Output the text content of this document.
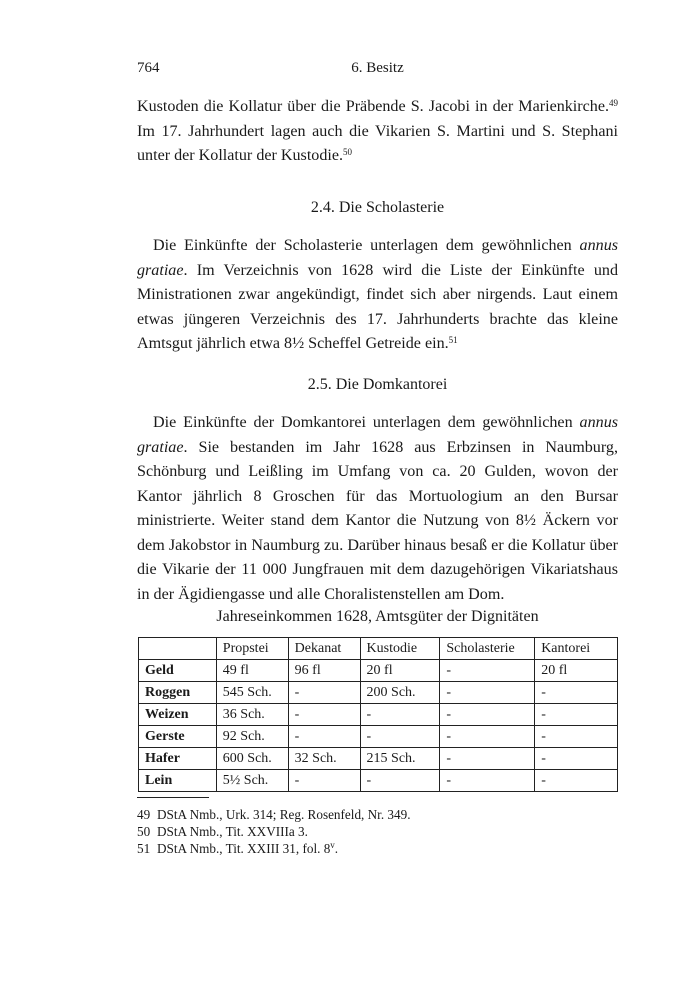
764	6. Besitz

Kustoden die Kollatur über die Präbende S. Jacobi in der Marienkirche.$^{49}$ Im 17. Jahrhundert lagen auch die Vikarien S. Martini und S. Stephani unter der Kollatur der Kustodie.$^{50}$

2.4. Die Scholasterie

Die Einkünfte der Scholasterie unterlagen dem gewöhnlichen annus gratiae. Im Verzeichnis von 1628 wird die Liste der Einkünfte und Ministrationen zwar angekündigt, findet sich aber nirgends. Laut einem etwas jüngeren Verzeichnis des 17. Jahrhunderts brachte das kleine Amtsgut jährlich etwa 8½ Scheffel Getreide ein.$^{51}$

2.5. Die Domkantorei

Die Einkünfte der Domkantorei unterlagen dem gewöhnlichen annus gratiae. Sie bestanden im Jahr 1628 aus Erbzinsen in Naumburg, Schönburg und Leißling im Umfang von ca. 20 Gulden, wovon der Kantor jährlich 8 Groschen für das Mortuologium an den Bursar ministrierte. Weiter stand dem Kantor die Nutzung von 8½ Äckern vor dem Jakobstor in Naumburg zu. Darüber hinaus besaß er die Kollatur über die Vikarie der 11 000 Jungfrauen mit dem dazugehörigen Vikariatshaus in der Ägidiengasse und alle Choralistenstellen am Dom.

Jahreseinkommen 1628, Amtsgüter der Dignitäten
	Propstei	Dekanat	Kustodie	Scholasterie	Kantorei
Geld	49 fl	96 fl	20 fl	-	20 fl
Roggen	545 Sch.	-	200 Sch.	-	-
Weizen	36 Sch.	-	-	-	-
Gerste	92 Sch.	-	-	-	-
Hafer	600 Sch.	32 Sch.	215 Sch.	-	-
Lein	5½ Sch.	-	-	-	-
49 DStA Nmb., Urk. 314; Reg. Rosenfeld, Nr. 349.
50 DStA Nmb., Tit. XXVIIIa 3.
51 DStA Nmb., Tit. XXIII 31, fol. 8$^v$.
